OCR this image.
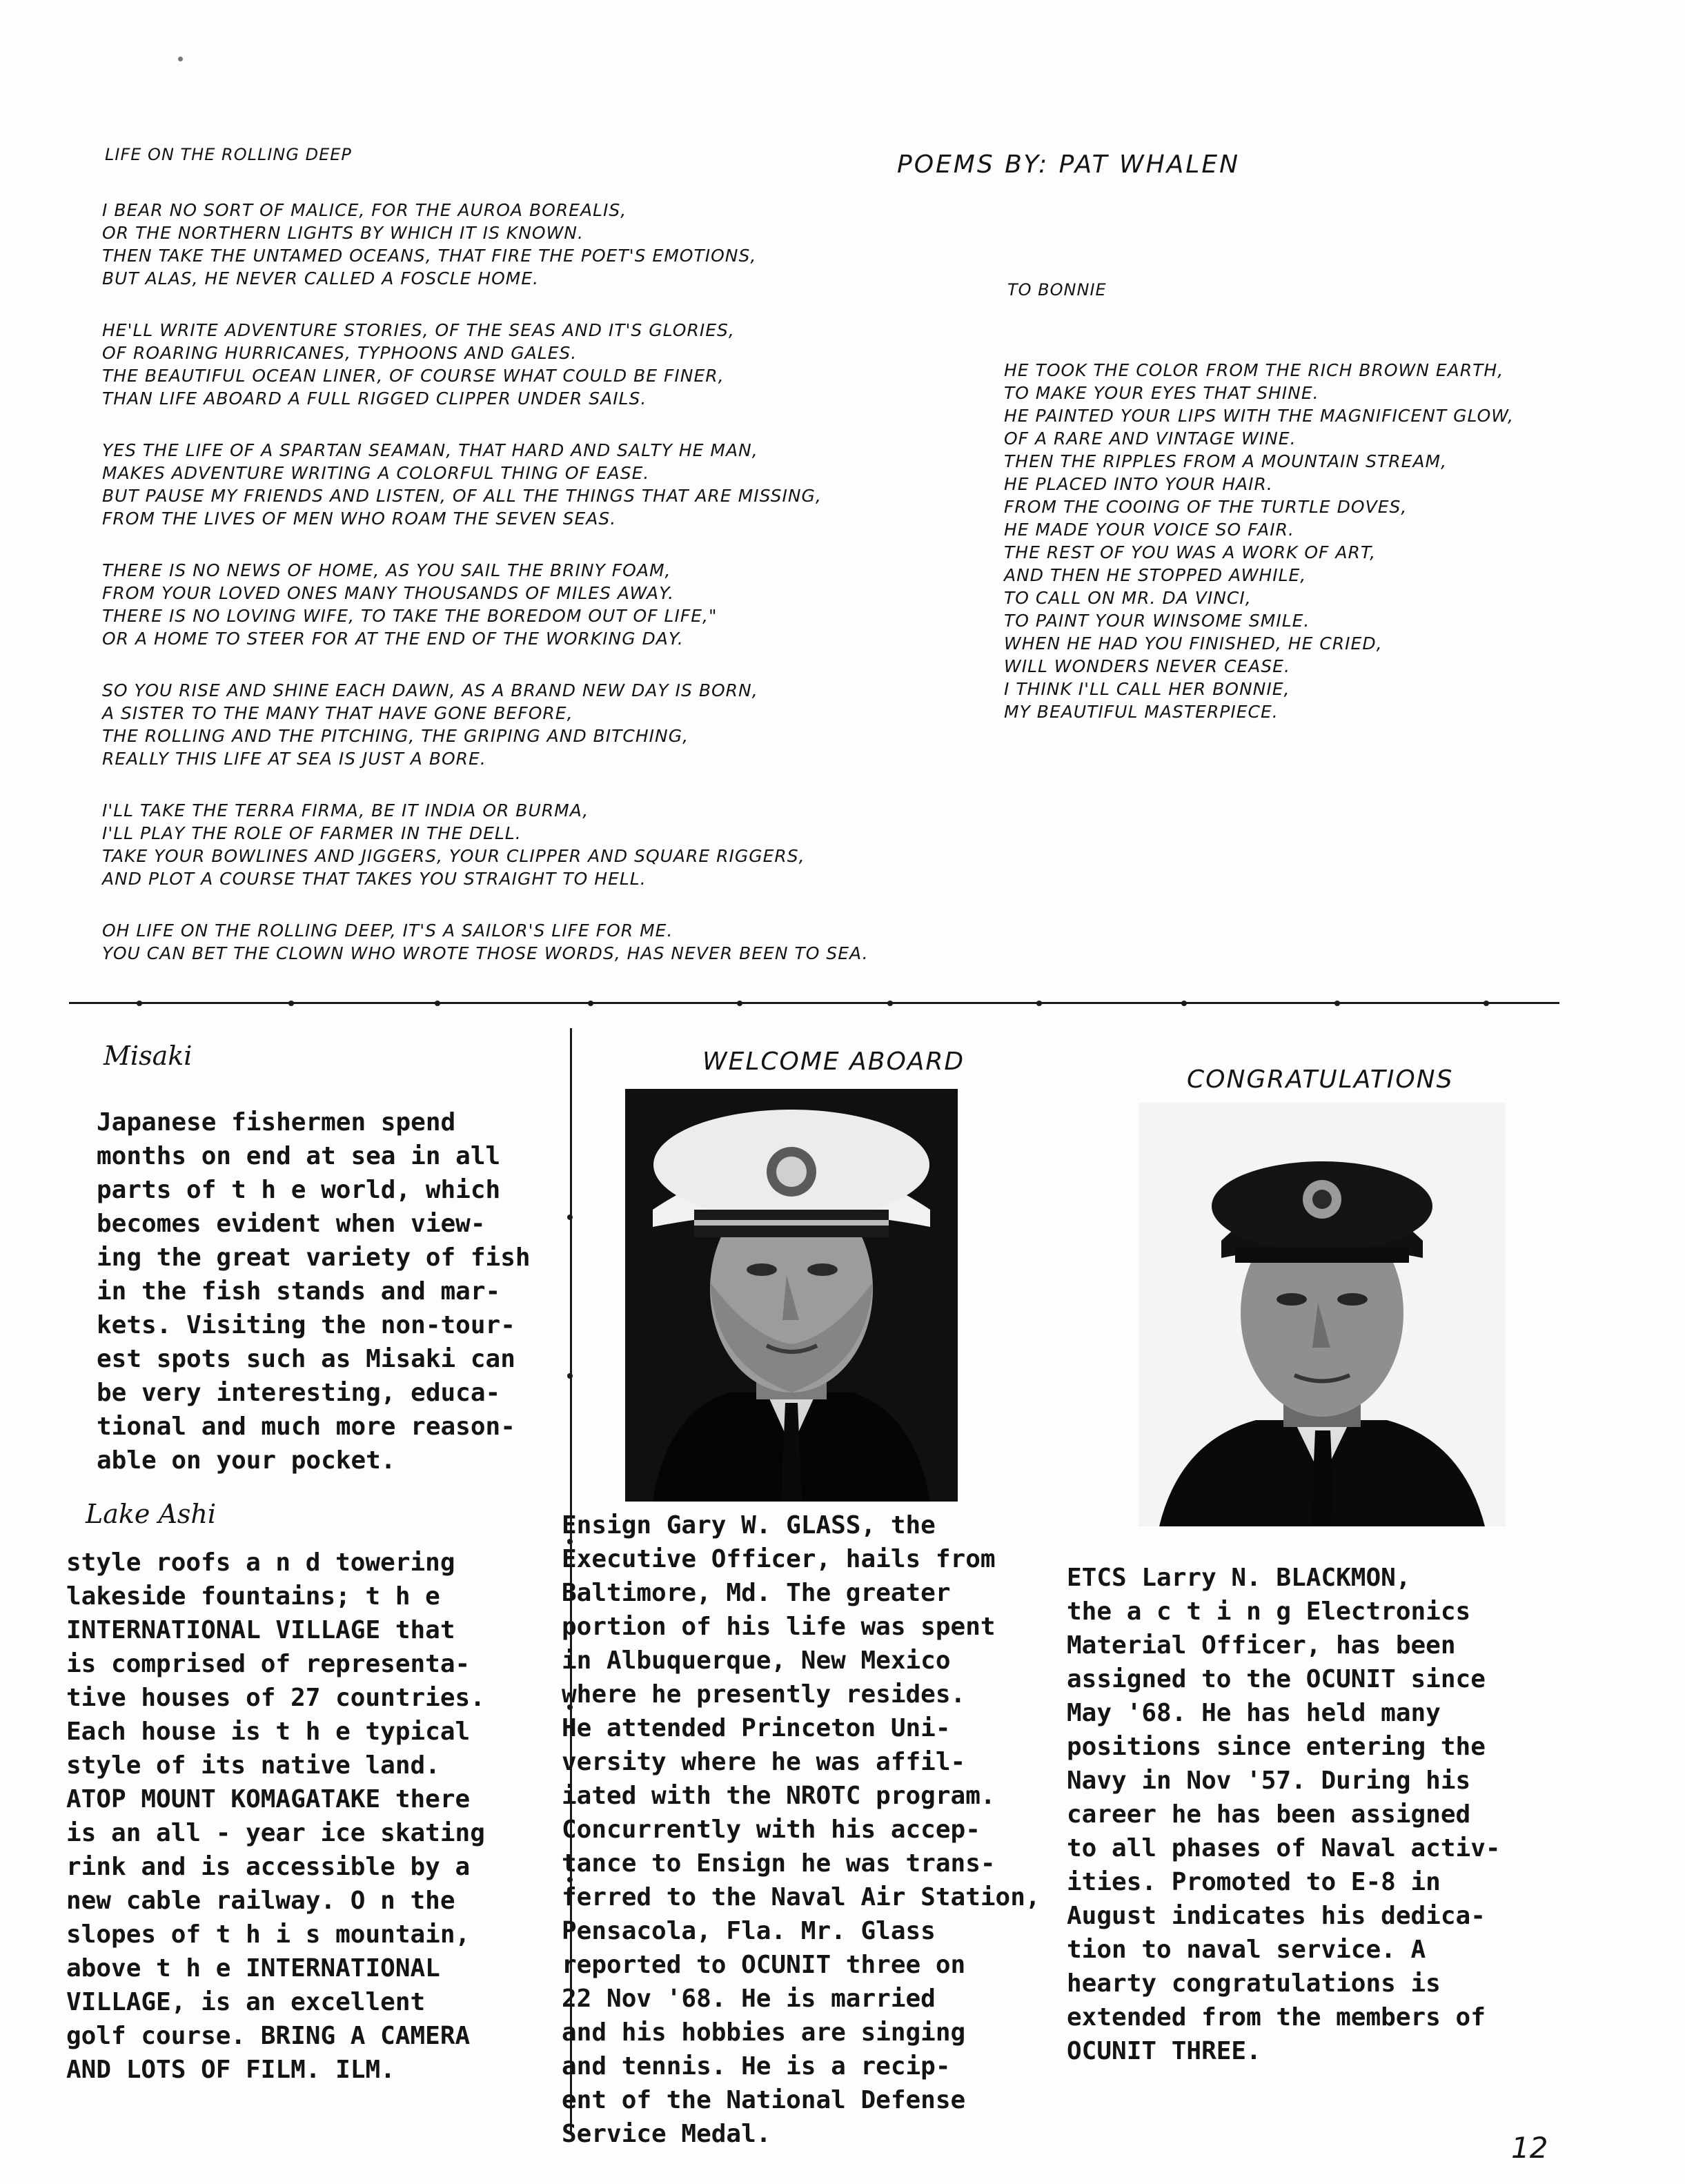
LIFE ON THE ROLLING DEEP	POEMS BY: PAT WHALEN
I BEAR NO SORT OF MALICE, FOR THE AUROA BOREALIS,
OR THE NORTHERN LIGHTS BY WHICH IT IS KNOWN.
THEN TAKE THE UNTAMED OCEANS, THAT FIRE THE POET'S EMOTIONS,
BUT ALAS, HE NEVER CALLED A FOSCLE HOME.
HE'LL WRITE ADVENTURE STORIES, OF THE SEAS AND IT'S GLORIES,
OF ROARING HURRICANES, TYPHOONS AND GALES.
THE BEAUTIFUL OCEAN LINER, OF COURSE WHAT COULD BE FINER,
THAN LIFE ABOARD A FULL RIGGED CLIPPER UNDER SAILS.
YES THE LIFE OF A SPARTAN SEAMAN, THAT HARD AND SALTY HE MAN,
MAKES ADVENTURE WRITING A COLORFUL THING OF EASE.
BUT PAUSE MY FRIENDS AND LISTEN, OF ALL THE THINGS THAT ARE MISSING,
FROM THE LIVES OF MEN WHO ROAM THE SEVEN SEAS.
THERE IS NO NEWS OF HOME, AS YOU SAIL THE BRINY FOAM,
FROM YOUR LOVED ONES MANY THOUSANDS OF MILES AWAY.
THERE IS NO LOVING WIFE, TO TAKE THE BOREDOM OUT OF LIFE,"
OR A HOME TO STEER FOR AT THE END OF THE WORKING DAY.
SO YOU RISE AND SHINE EACH DAWN, AS A BRAND NEW DAY IS BORN,
A SISTER TO THE MANY THAT HAVE GONE BEFORE,
THE ROLLING AND THE PITCHING, THE GRIPING AND BITCHING,
REALLY THIS LIFE AT SEA IS JUST A BORE.
I'LL TAKE THE TERRA FIRMA, BE IT INDIA OR BURMA,
I'LL PLAY THE ROLE OF FARMER IN THE DELL.
TAKE YOUR BOWLINES AND JIGGERS, YOUR CLIPPER AND SQUARE RIGGERS,
AND PLOT A COURSE THAT TAKES YOU STRAIGHT TO HELL.
OH LIFE ON THE ROLLING DEEP, IT'S A SAILOR'S LIFE FOR ME.
YOU CAN BET THE CLOWN WHO WROTE THOSE WORDS, HAS NEVER BEEN TO SEA.
TO BONNIE
HE TOOK THE COLOR FROM THE RICH BROWN EARTH,
TO MAKE YOUR EYES THAT SHINE.
HE PAINTED YOUR LIPS WITH THE MAGNIFICENT GLOW,
OF A RARE AND VINTAGE WINE.
THEN THE RIPPLES FROM A MOUNTAIN STREAM,
HE PLACED INTO YOUR HAIR.
FROM THE COOING OF THE TURTLE DOVES,
HE MADE YOUR VOICE SO FAIR.
THE REST OF YOU WAS A WORK OF ART,
AND THEN HE STOPPED AWHILE,
TO CALL ON MR. DA VINCI,
TO PAINT YOUR WINSOME SMILE.
WHEN HE HAD YOU FINISHED, HE CRIED,
WILL WONDERS NEVER CEASE.
I THINK I'LL CALL HER BONNIE,
MY BEAUTIFUL MASTERPIECE.
Misaki
Japanese fishermen spend
months on end at sea in all
parts of t h e world, which
becomes evident when view-
ing the great variety of fish
in the fish stands and mar-
kets. Visiting the non-tour-
est spots such as Misaki can
be very interesting, educa-
tional and much more reason-
able on your pocket.
Lake Ashi
style roofs a n d towering
lakeside fountains; t h e
INTERNATIONAL VILLAGE that
is comprised of representa-
tive houses of 27 countries.
Each house is t h e typical
style of its native land.
ATOP MOUNT KOMAGATAKE there
is an all - year ice skating
rink and is accessible by a
new cable railway. O n the
slopes of t h i s mountain,
above t h e INTERNATIONAL
VILLAGE, is an excellent
golf course. BRING A CAMERA
AND LOTS OF FILM. ILM.
WELCOME ABOARD
Ensign Gary W. GLASS, the
Executive Officer, hails from
Baltimore, Md. The greater
portion of his life was spent
in Albuquerque, New Mexico
where he presently resides.
He attended Princeton Uni-
versity where he was affil-
iated with the NROTC program.
Concurrently with his accep-
tance to Ensign he was trans-
ferred to the Naval Air Station,
Pensacola, Fla. Mr. Glass
reported to OCUNIT three on
22 Nov '68. He is married
and his hobbies are singing
and tennis. He is a recip-
ent of the National Defense
Service Medal.
CONGRATULATIONS
ETCS Larry N. BLACKMON,
the a c t i n g Electronics
Material Officer, has been
assigned to the OCUNIT since
May '68. He has held many
positions since entering the
Navy in Nov '57. During his
career he has been assigned
to all phases of Naval activ-
ities. Promoted to E-8 in
August indicates his dedica-
tion to naval service. A
hearty congratulations is
extended from the members of
OCUNIT THREE.
12
